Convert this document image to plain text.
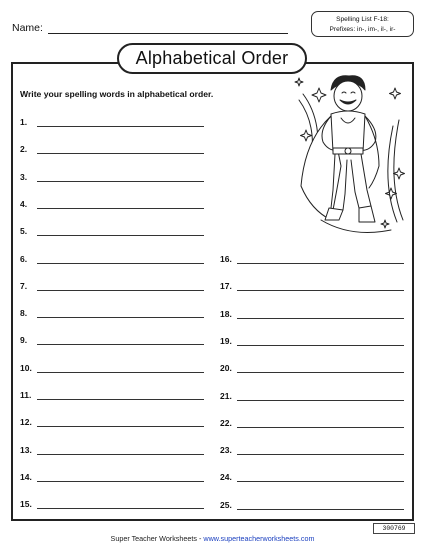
Name:
Spelling List F-18:
Prefixes: in-, im-, il-, ir-
Alphabetical Order
Write your spelling words in alphabetical order.
1.
2.
3.
4.
5.
6.
7.
8.
9.
10.
11.
12.
13.
14.
15.
16.
17.
18.
19.
20.
21.
22.
23.
24.
25.
Super Teacher Worksheets - www.superteacherworksheets.com
300769
